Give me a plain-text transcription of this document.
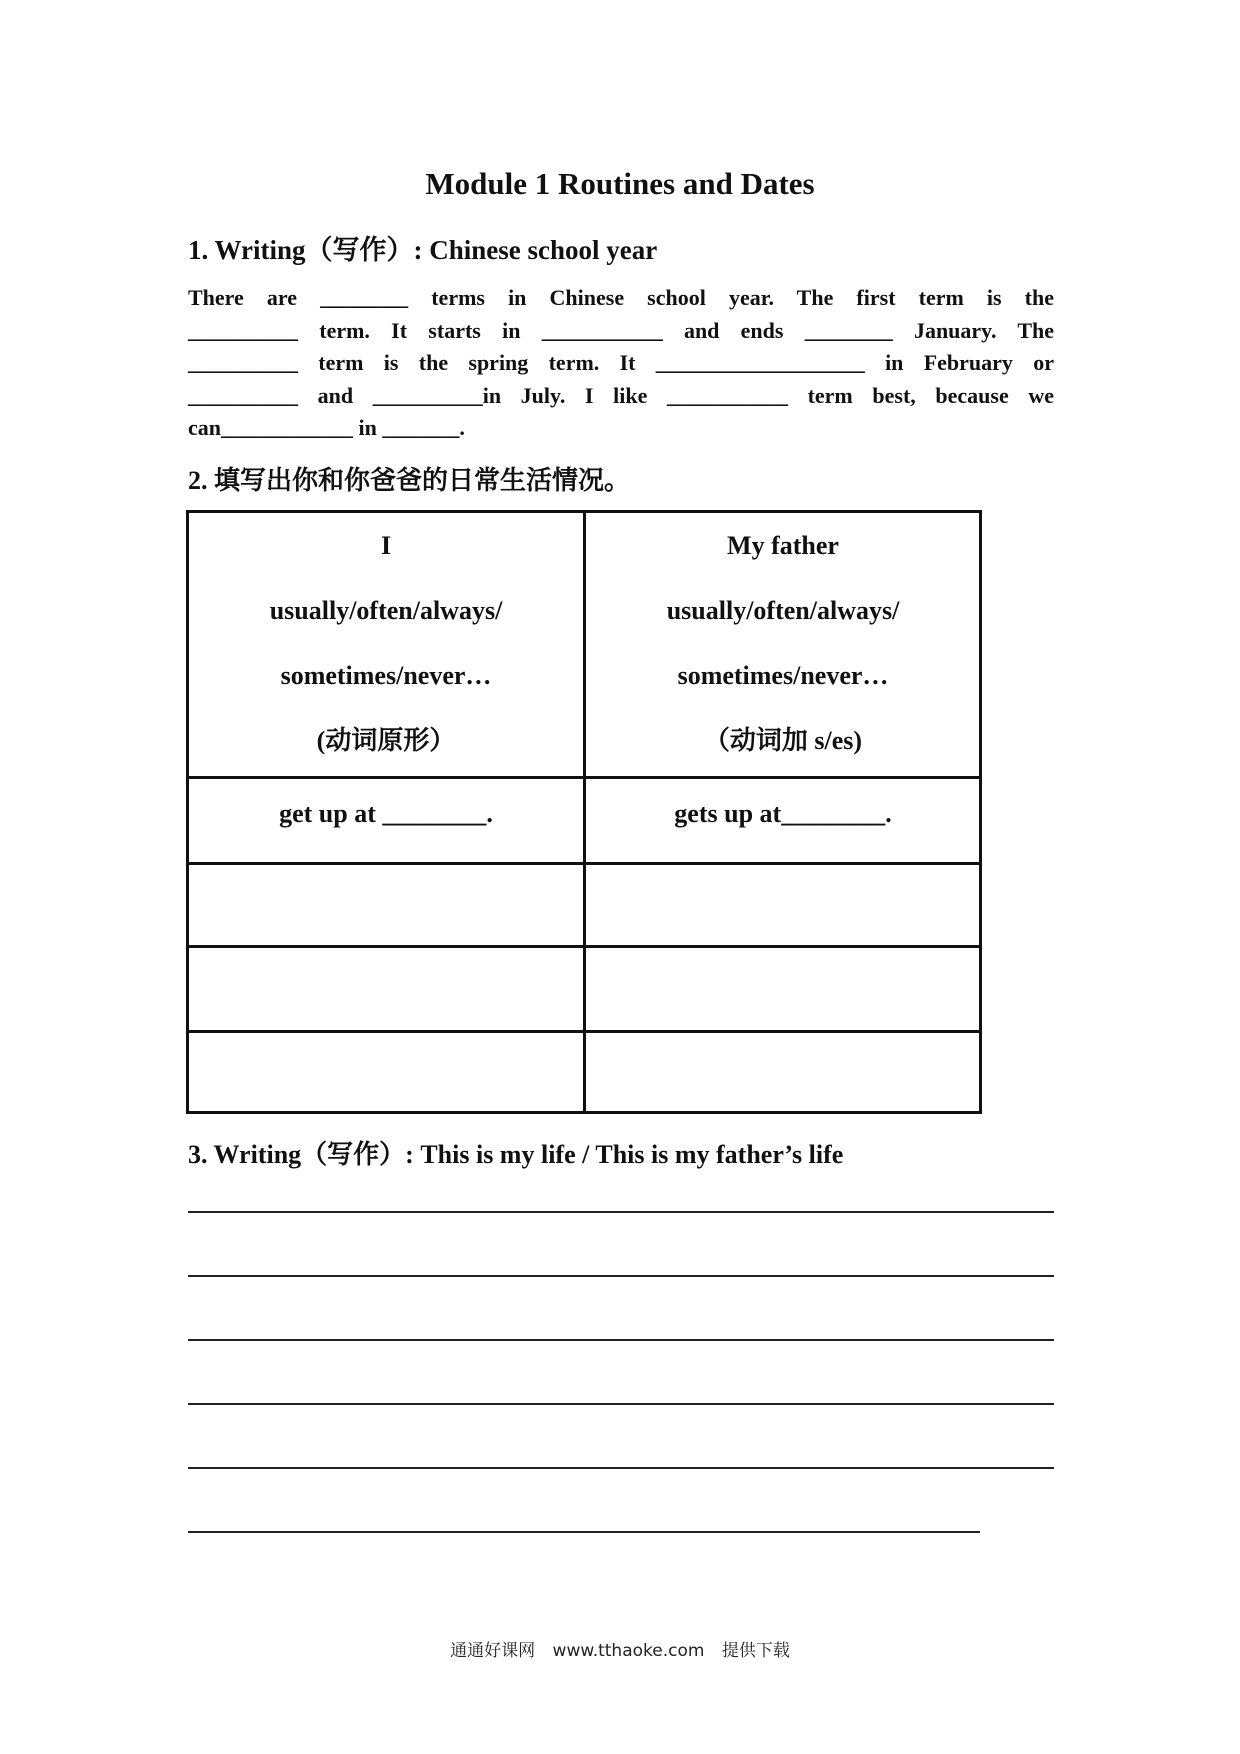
Module 1 Routines and Dates
1. Writing（写作）: Chinese school year
There are ________ terms in Chinese school year. The first term is the
__________ term. It starts in ___________ and ends ________ January. The
__________ term is the spring term. It ___________________ in February or
__________ and __________in July. I like ___________ term best, because we
can____________ in _______.
2. 填写出你和你爸爸的日常生活情况。
I
usually/often/always/
sometimes/never…
(动词原形）
My father
usually/often/always/
sometimes/never…
（动词加 s/es)
get up at ________.	gets up at________.
3. Writing（写作）: This is my life / This is my father’s life
通通好课网 www.tthaoke.com 提供下载
